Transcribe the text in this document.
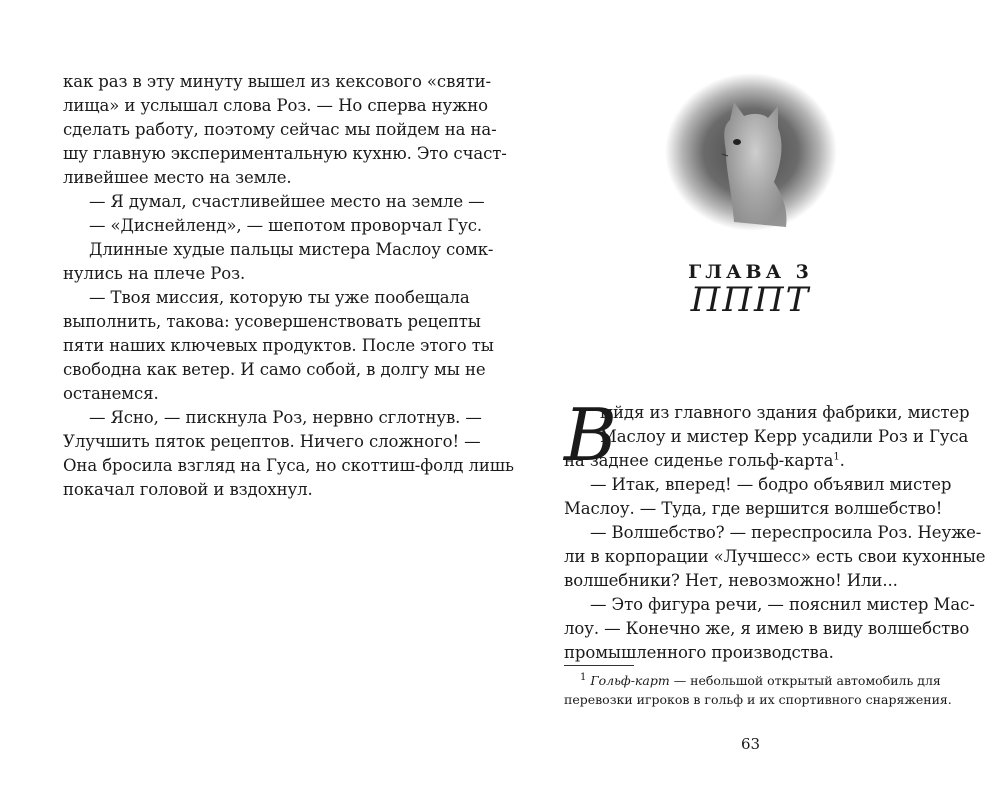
как раз в эту минуту вышел из кексового «святи-
лища» и услышал слова Роз. — Но сперва нужно
сделать работу, поэтому сейчас мы пойдем на на-
шу главную экспериментальную кухню. Это счаст-
ливейшее место на земле.
— Я думал, счастливейшее место на земле —
— «Диснейленд», — шепотом проворчал Гус.
Длинные худые пальцы мистера Маслоу сомк-
нулись на плече Роз.
— Твоя миссия, которую ты уже пообещала
выполнить, такова: усовершенствовать рецепты
пяти наших ключевых продуктов. После этого ты
свободна как ветер. И само собой, в долгу мы не
останемся.
— Ясно, — пискнула Роз, нервно сглотнув. —
Улучшить пяток рецептов. Ничего сложного! —
Она бросила взгляд на Гуса, но скоттиш-фолд лишь
покачал головой и вздохнул.
ГЛАВА 3
ПППТ
В
ыйдя из главного здания фабрики, мистер
Маслоу и мистер Керр усадили Роз и Гуса
на заднее сиденье гольф-карта$^1$.
— Итак, вперед! — бодро объявил мистер
Маслоу. — Туда, где вершится волшебство!
— Волшебство? — переспросила Роз. Неуже-
ли в корпорации «Лучшесс» есть свои кухонные
волшебники? Нет, невозможно! Или...
— Это фигура речи, — пояснил мистер Мас-
лоу. — Конечно же, я имею в виду волшебство
промышленного производства.
$^1$ Гольф-карт — небольшой открытый автомобиль для
перевозки игроков в гольф и их спортивного снаряжения.
63
